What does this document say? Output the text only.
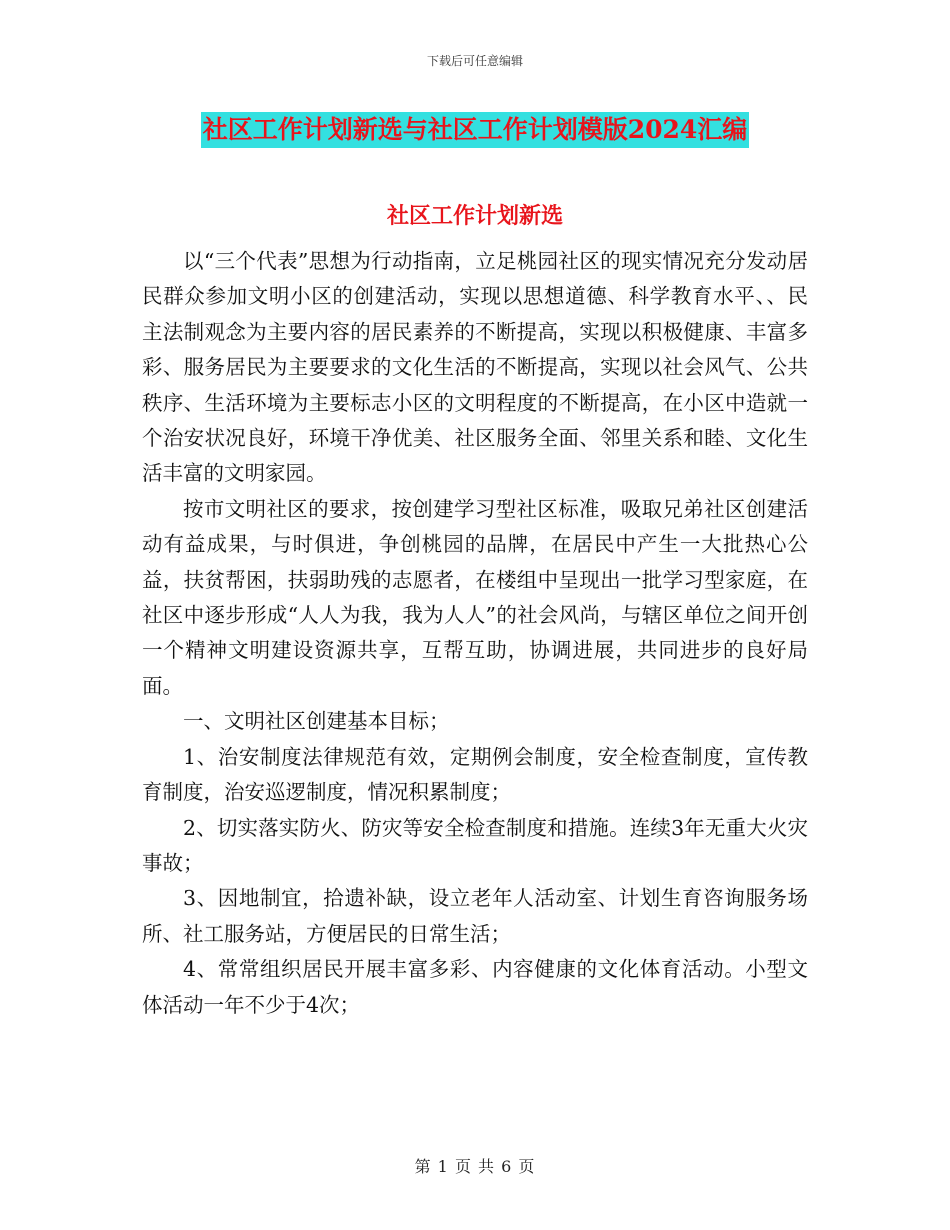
下载后可任意编辑
社区工作计划新选与社区工作计划模版2024汇编
社区工作计划新选

以“三个代表”思想为行动指南，立足桃园社区的现实情况充分发动居民群众参加文明小区的创建活动，实现以思想道德、科学教育水平、、民主法制观念为主要内容的居民素养的不断提高，实现以积极健康、丰富多彩、服务居民为主要要求的文化生活的不断提高，实现以社会风气、公共秩序、生活环境为主要标志小区的文明程度的不断提高，在小区中造就一个治安状况良好，环境干净优美、社区服务全面、邻里关系和睦、文化生活丰富的文明家园。

按市文明社区的要求，按创建学习型社区标准，吸取兄弟社区创建活动有益成果，与时俱进，争创桃园的品牌，在居民中产生一大批热心公益，扶贫帮困，扶弱助残的志愿者，在楼组中呈现出一批学习型家庭，在社区中逐步形成“人人为我，我为人人”的社会风尚，与辖区单位之间开创一个精神文明建设资源共享，互帮互助，协调进展，共同进步的良好局面。

一、文明社区创建基本目标；

1、治安制度法律规范有效，定期例会制度，安全检查制度，宣传教育制度，治安巡逻制度，情况积累制度；

2、切实落实防火、防灾等安全检查制度和措施。连续3年无重大火灾事故；

3、因地制宜，拾遗补缺，设立老年人活动室、计划生育咨询服务场所、社工服务站，方便居民的日常生活；

4、常常组织居民开展丰富多彩、内容健康的文化体育活动。小型文体活动一年不少于4次；

第 1 页 共 6 页
